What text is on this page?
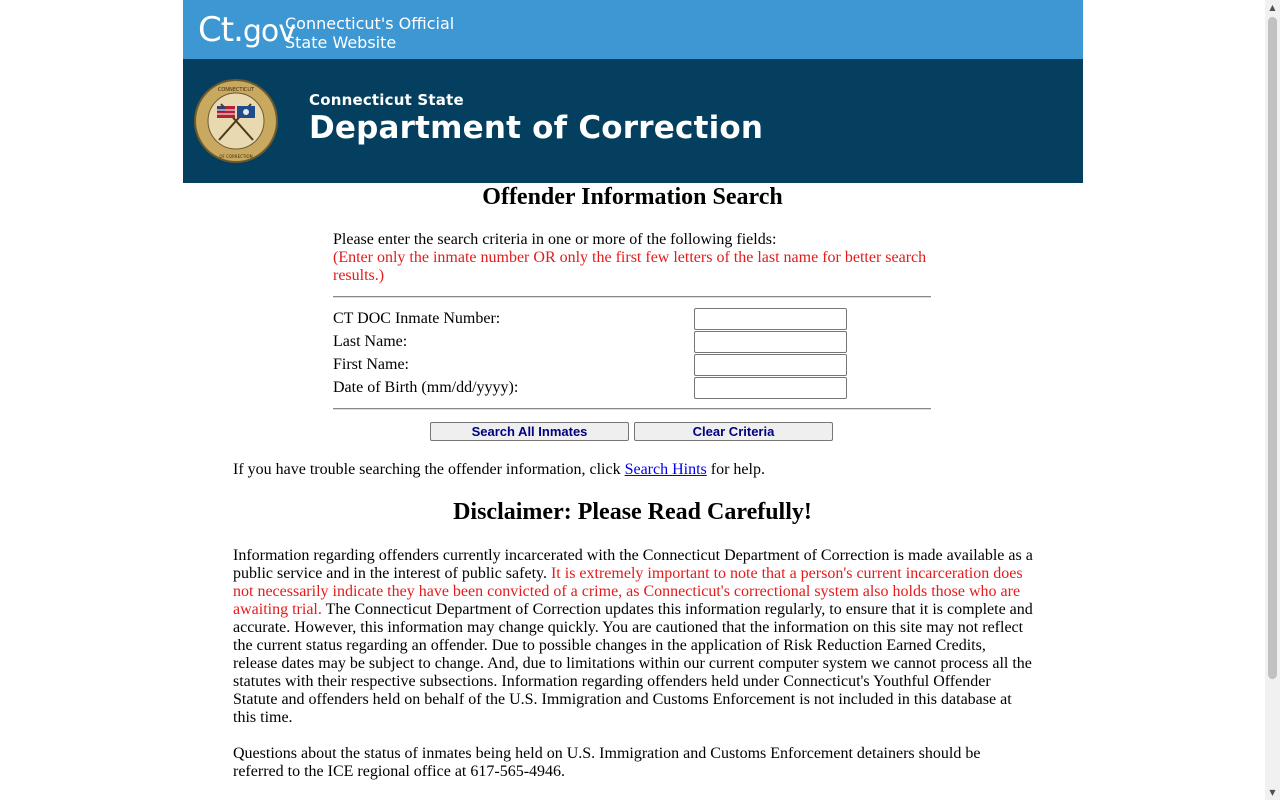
Ct.gov
Connecticut's Official
State Website
CONNECTICUT
OF CORRECTION
Connecticut State
Department of Correction
Offender Information Search

Please enter the search criteria in one or more of the following fields:

(Enter only the inmate number OR only the first few letters of the last name for better search results.)

CT DOC Inmate Number:
Last Name:
First Name:
Date of Birth (mm/dd/yyyy):
Search All Inmates	Clear Criteria
If you have trouble searching the offender information, click Search Hints for help.
Disclaimer: Please Read Carefully!

Information regarding offenders currently incarcerated with the Connecticut Department of Correction is made available as a public service and in the interest of public safety. It is extremely important to note that a person's current incarceration does not necessarily indicate they have been convicted of a crime, as Connecticut's correctional system also holds those who are awaiting trial. The Connecticut Department of Correction updates this information regularly, to ensure that it is complete and accurate. However, this information may change quickly. You are cautioned that the information on this site may not reflect the current status regarding an offender. Due to possible changes in the application of Risk Reduction Earned Credits, release dates may be subject to change. And, due to limitations within our current computer system we cannot process all the statutes with their respective subsections. Information regarding offenders held under Connecticut's Youthful Offender Statute and offenders held on behalf of the U.S. Immigration and Customs Enforcement is not included in this database at this time.

Questions about the status of inmates being held on U.S. Immigration and Customs Enforcement detainers should be referred to the ICE regional office at 617-565-4946.

▲
▼
